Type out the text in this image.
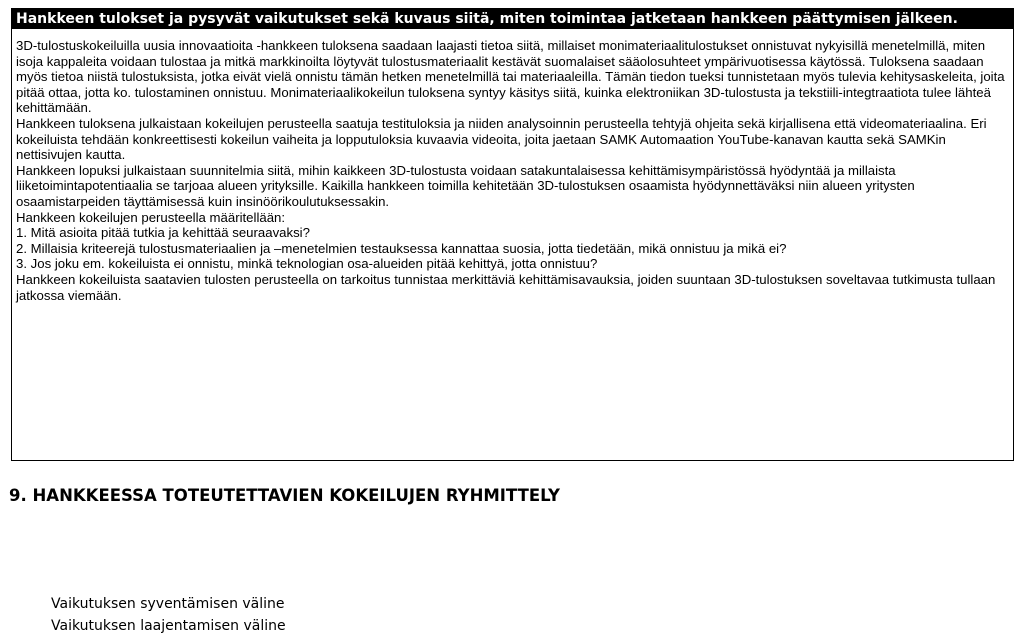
Hankkeen tulokset ja pysyvät vaikutukset sekä kuvaus siitä, miten toimintaa jatketaan hankkeen päättymisen jälkeen.

3D-tulostuskokeiluilla uusia innovaatioita -hankkeen tuloksena saadaan laajasti tietoa siitä, millaiset monimateriaalitulostukset onnistuvat nykyisillä menetelmillä, miten isoja kappaleita voidaan tulostaa ja mitkä markkinoilta löytyvät tulostusmateriaalit kestävät suomalaiset sääolosuhteet ympärivuotisessa käytössä. Tuloksena saadaan myös tietoa niistä tulostuksista, jotka eivät vielä onnistu tämän hetken menetelmillä tai materiaaleilla. Tämän tiedon tueksi tunnistetaan myös tulevia kehitysaskeleita, joita pitää ottaa, jotta ko. tulostaminen onnistuu. Monimateriaalikokeilun tuloksena syntyy käsitys siitä, kuinka elektroniikan 3D-tulostusta ja tekstiili-integtraatiota tulee lähteä kehittämään.

Hankkeen tuloksena julkaistaan kokeilujen perusteella saatuja testituloksia ja niiden analysoinnin perusteella tehtyjä ohjeita sekä kirjallisena että videomateriaalina. Eri kokeiluista tehdään konkreettisesti kokeilun vaiheita ja lopputuloksia kuvaavia videoita, joita jaetaan SAMK Automaation YouTube-kanavan kautta sekä SAMKin nettisivujen kautta.

Hankkeen lopuksi julkaistaan suunnitelmia siitä, mihin kaikkeen 3D-tulostusta voidaan satakuntalaisessa kehittämisympäristössä hyödyntää ja millaista liiketoimintapotentiaalia se tarjoaa alueen yrityksille. Kaikilla hankkeen toimilla kehitetään 3D-tulostuksen osaamista hyödynnettäväksi niin alueen yritysten osaamistarpeiden täyttämisessä kuin insinöörikoulutuksessakin.

Hankkeen kokeilujen perusteella määritellään:

1. Mitä asioita pitää tutkia ja kehittää seuraavaksi?
2. Millaisia kriteerejä tulostusmateriaalien ja –menetelmien testauksessa kannattaa suosia, jotta tiedetään, mikä onnistuu ja mikä ei?
3. Jos joku em. kokeiluista ei onnistu, minkä teknologian osa-alueiden pitää kehittyä, jotta onnistuu?

Hankkeen kokeiluista saatavien tulosten perusteella on tarkoitus tunnistaa merkittäviä kehittämisavauksia, joiden suuntaan 3D-tulostuksen soveltavaa tutkimusta tullaan jatkossa viemään.

9. HANKKEESSA TOTEUTETTAVIEN KOKEILUJEN RYHMITTELY
Vaikutuksen syventämisen väline
Vaikutuksen laajentamisen väline
